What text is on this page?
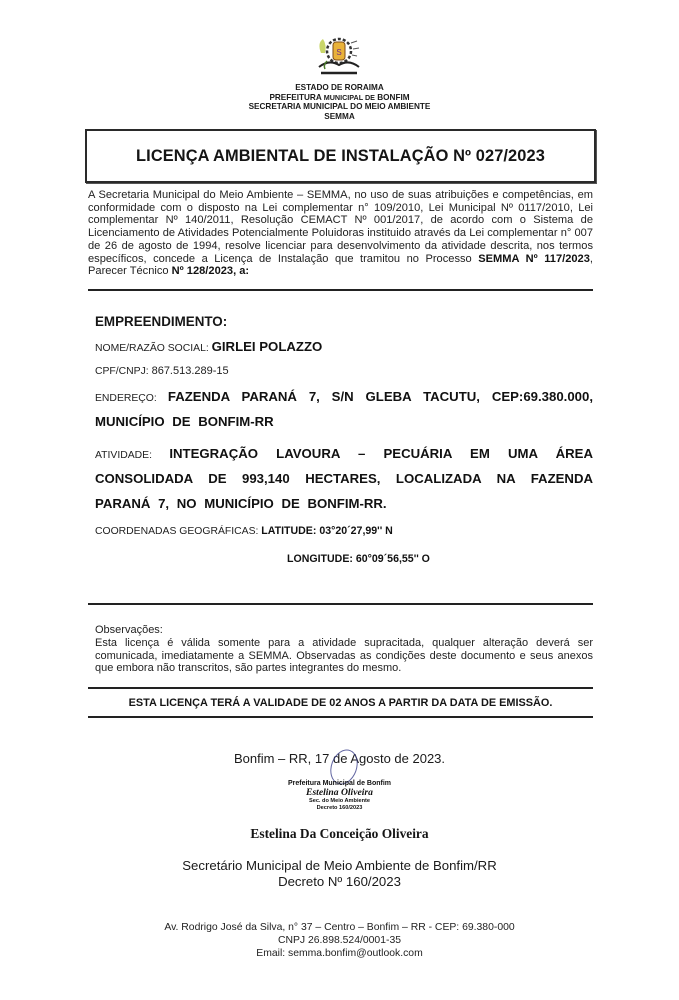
S
ESTADO DE RORAIMA
PREFEITURA MUNICIPAL DE BONFIM
SECRETARIA MUNICIPAL DO MEIO AMBIENTE
SEMMA
LICENÇA AMBIENTAL DE INSTALAÇÃO Nº 027/2023
A Secretaria Municipal do Meio Ambiente – SEMMA, no uso de suas atribuições e competências, em conformidade com o disposto na Lei complementar n° 109/2010, Lei Municipal Nº 0117/2010, Lei complementar Nº 140/2011, Resolução CEMACT Nº 001/2017, de acordo com o Sistema de Licenciamento de Atividades Potencialmente Poluidoras instituido através da Lei complementar n° 007 de 26 de agosto de 1994, resolve licenciar para desenvolvimento da atividade descrita, nos termos específicos, concede a Licença de Instalação que tramitou no Processo SEMMA Nº 117/2023, Parecer Técnico Nº 128/2023, a:
EMPREENDIMENTO:
NOME/RAZÃO SOCIAL: GIRLEI POLAZZO
CPF/CNPJ: 867.513.289-15
ENDEREÇO: FAZENDA PARANÁ 7, S/N GLEBA TACUTU, CEP:69.380.000, MUNICÍPIO DE BONFIM-RR
ATIVIDADE: INTEGRAÇÃO LAVOURA – PECUÁRIA EM UMA ÁREA CONSOLIDADA DE 993,140 HECTARES, LOCALIZADA NA FAZENDA PARANÁ 7, NO MUNICÍPIO DE BONFIM-RR.
COORDENADAS GEOGRÁFICAS: LATITUDE: 03°20´27,99'' N
LONGITUDE: 60°09´56,55'' O
Observações:
Esta licença é válida somente para a atividade supracitada, qualquer alteração deverá ser comunicada, imediatamente a SEMMA. Observadas as condições deste documento e seus anexos que embora não transcritos, são partes integrantes do mesmo.
ESTA LICENÇA TERÁ A VALIDADE DE 02 ANOS A PARTIR DA DATA DE EMISSÃO.
Bonfim – RR, 17 de Agosto de 2023.
Prefeitura Municipal de Bonfim
Estelina Oliveira
Sec. do Meio Ambiente
Decreto 160/2023
Estelina Da Conceição Oliveira
Secretário Municipal de Meio Ambiente de Bonfim/RR
Decreto Nº 160/2023
Av. Rodrigo José da Silva, n° 37 – Centro – Bonfim – RR - CEP: 69.380-000
CNPJ 26.898.524/0001-35
Email: semma.bonfim@outlook.com
